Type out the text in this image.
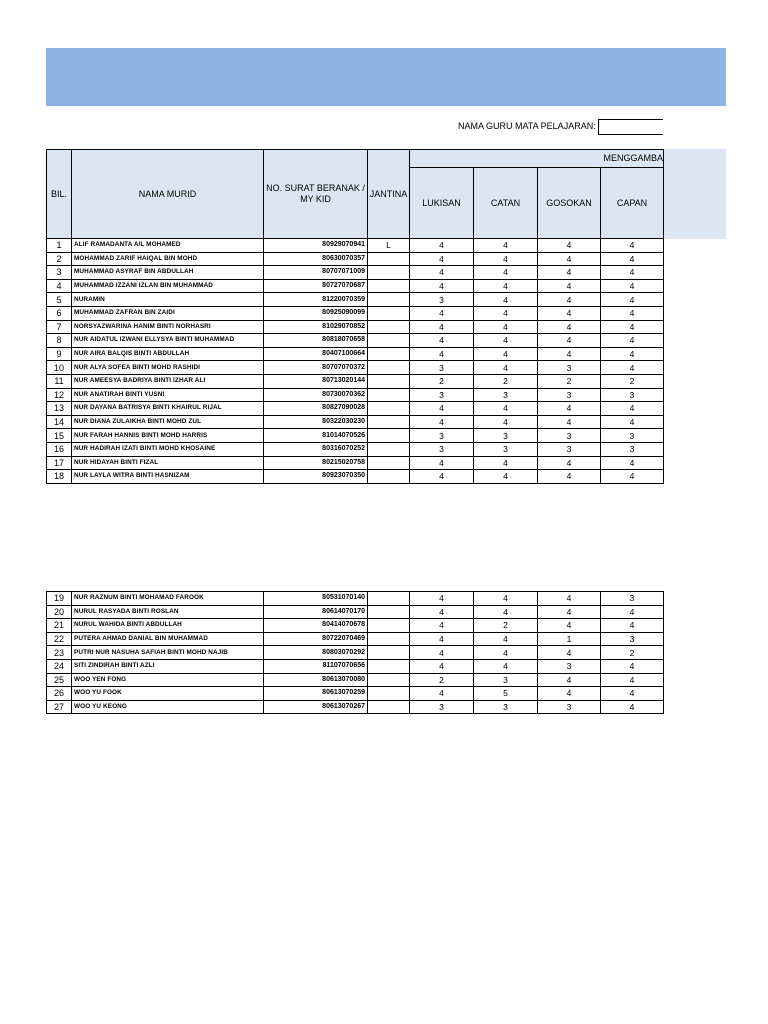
NAMA GURU MATA PELAJARAN:
BIL.	NAMA MURID	NO. SURAT BERANAK / MY KID	JANTINA	MENGGAMBA			
				LUKISAN	CATAN	GOSOKAN	CAPAN
1	ALIF RAMADANTA A/L MOHAMED	80929070941	L	4	4	4	4
2	MOHAMMAD ZARIF HAIQAL BIN MOHD	80630070357		4	4	4	4
3	MUHAMMAD ASYRAF BIN ABDULLAH	80707071009		4	4	4	4
4	MUHAMMAD IZZANI IZLAN BIN MUHAMMAD	80727070687		4	4	4	4
5	NURAMIN	81220070359		3	4	4	4
6	MUHAMMAD ZAFRAN BIN ZAIDI	80925090099		4	4	4	4
7	NORSYAZWARINA HANIM BINTI NORHASRI	81029070852		4	4	4	4
8	NUR AIDATUL IZWANI ELLYSYA BINTI MUHAMMAD	80818070658		4	4	4	4
9	NUR AIRA BALQIS BINTI ABDULLAH	80407100664		4	4	4	4
10	NUR ALYA SOFEA BINTI MOHD RASHIDI	80707070372		3	4	3	4
11	NUR AMEESYA BADRIYA BINTI IZHAR ALI	80713020144		2	2	2	2
12	NUR ANATIRAH BINTI YUSNI	80730070362		3	3	3	3
13	NUR DAYANA BATRISYA BINTI KHAIRUL RIJAL	80827090028		4	4	4	4
14	NUR DIANA ZULAIKHA BINTI MOHD ZUL	80322030230		4	4	4	4
15	NUR FARAH HANNIS BINTI MOHD HARRIS	81014070526		3	3	3	3
16	NUR HADIRAH IZATI BINTI MOHD KHOSAINE	80316070252		3	3	3	3
17	NUR HIDAYAH BINTI FIZAL	80215020758		4	4	4	4
18	NUR LAYLA WITRA BINTI HASNIZAM	80923070350		4	4	4	4
19	NUR RAZNUM BINTI MOHAMAD FAROOK	80531070140		4	4	4	3
20	NURUL RASYADA BINTI ROSLAN	80614070170		4	4	4	4
21	NURUL WAHIDA BINTI ABDULLAH	80414070678		4	2	4	4
22	PUTERA AHMAD DANIAL BIN MUHAMMAD	80722070469		4	4	1	3
23	PUTRI NUR NASUHA SAFIAH BINTI MOHD NAJIB	80803070292		4	4	4	2
24	SITI ZINDIRAH BINTI AZLI	81107070656		4	4	3	4
25	WOO YEN FONG	80613070080		2	3	4	4
26	WOO YU FOOK	80613070259		4	5	4	4
27	WOO YU KEONG	80613070267		3	3	3	4
